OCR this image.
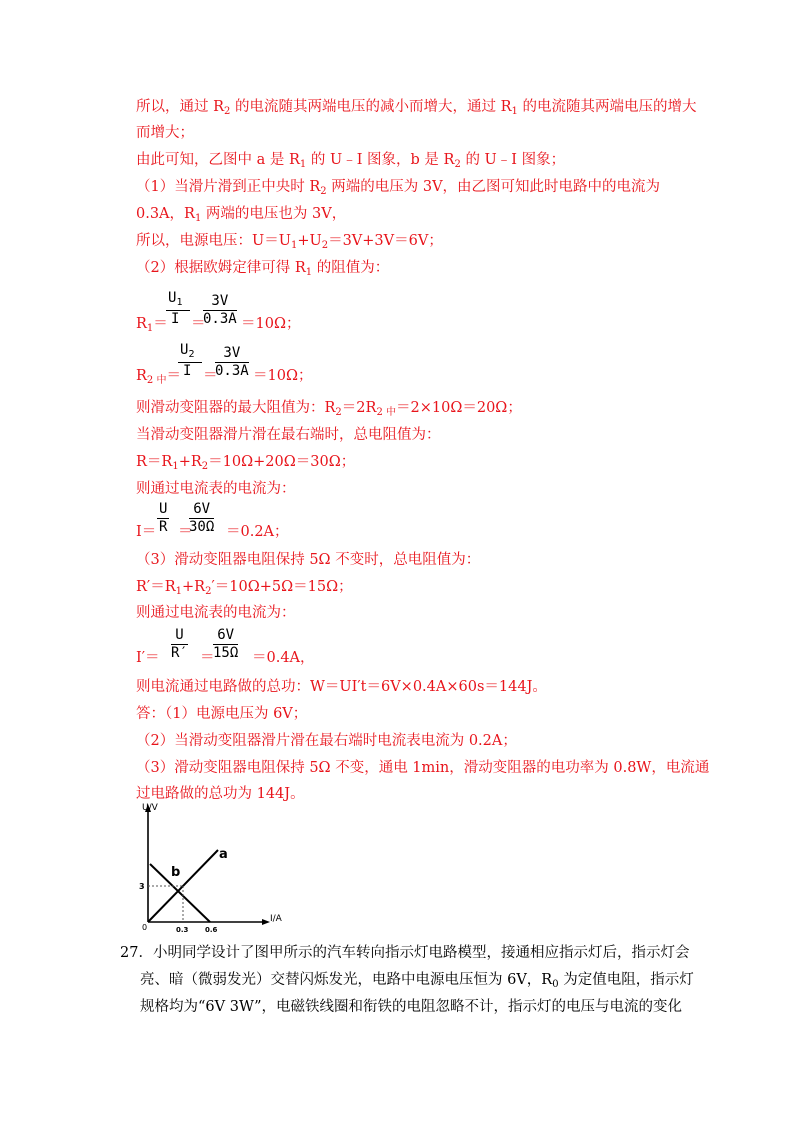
所以，通过 $R_2$ 的电流随其两端电压的减小而增大，通过 $R_1$ 的电流随其两端电压的增大
而增大；
由此可知，乙图中 a 是 $R_1$ 的 U﹣I 图象，b 是 $R_2$ 的 U﹣I 图象；
（1）当滑片滑到正中央时 $R_2$ 两端的电压为 3V，由乙图可知此时电路中的电流为
0.3A，$R_1$ 两端的电压也为 3V，
所以，电源电压：$U=U_1+U_2=3V+3V=6V$；
（2）根据欧姆定律可得 $R_1$ 的阻值为：
$R_1=$
$U_1$
I ＝
$\frac{3V}{0.3A} =10\Omega$；
$R_{2 中}=$
$U_2$
I ＝
$\frac{3V}{0.3A} =10\Omega$；
则滑动变阻器的最大阻值为：$R_2=2R_{2 中}=2\times 10\Omega=20\Omega$；
当滑动变阻器滑片滑在最右端时，总电阻值为：
$R=R_1+R_2=10\Omega+20\Omega=30\Omega$；
则通过电流表的电流为：
$I= \frac{U}{R}$ ＝
$\frac{6V}{30\Omega} =0.2A$；
（3）滑动变阻器电阻保持 5Ω 不变时，总电阻值为：
$R'=R_1+R_2'=10\Omega+5\Omega=15\Omega$；
则通过电流表的电流为：
$I'= \frac{U}{R'}$ ＝
$\frac{6V}{15\Omega} =0.4A$，
则电流通过电路做的总功：W＝UI′t＝6V×0.4A×60s＝144J。
答：（1）电源电压为 6V；
（2）当滑动变阻器滑片滑在最右端时电流表电流为 0.2A；
（3）滑动变阻器电阻保持 5Ω 不变，通电 1min，滑动变阻器的电功率为 0.8W，电流通
过电路做的总功为 144J。
U/V
I/A
0
3
0.3 0.6
a
b
27．小明同学设计了图甲所示的汽车转向指示灯电路模型，接通相应指示灯后，指示灯会
亮、暗（微弱发光）交替闪烁发光，电路中电源电压恒为 6V，$R_0$ 为定值电阻，指示灯
规格均为“6V 3W”，电磁铁线圈和衔铁的电阻忽略不计，指示灯的电压与电流的变化
